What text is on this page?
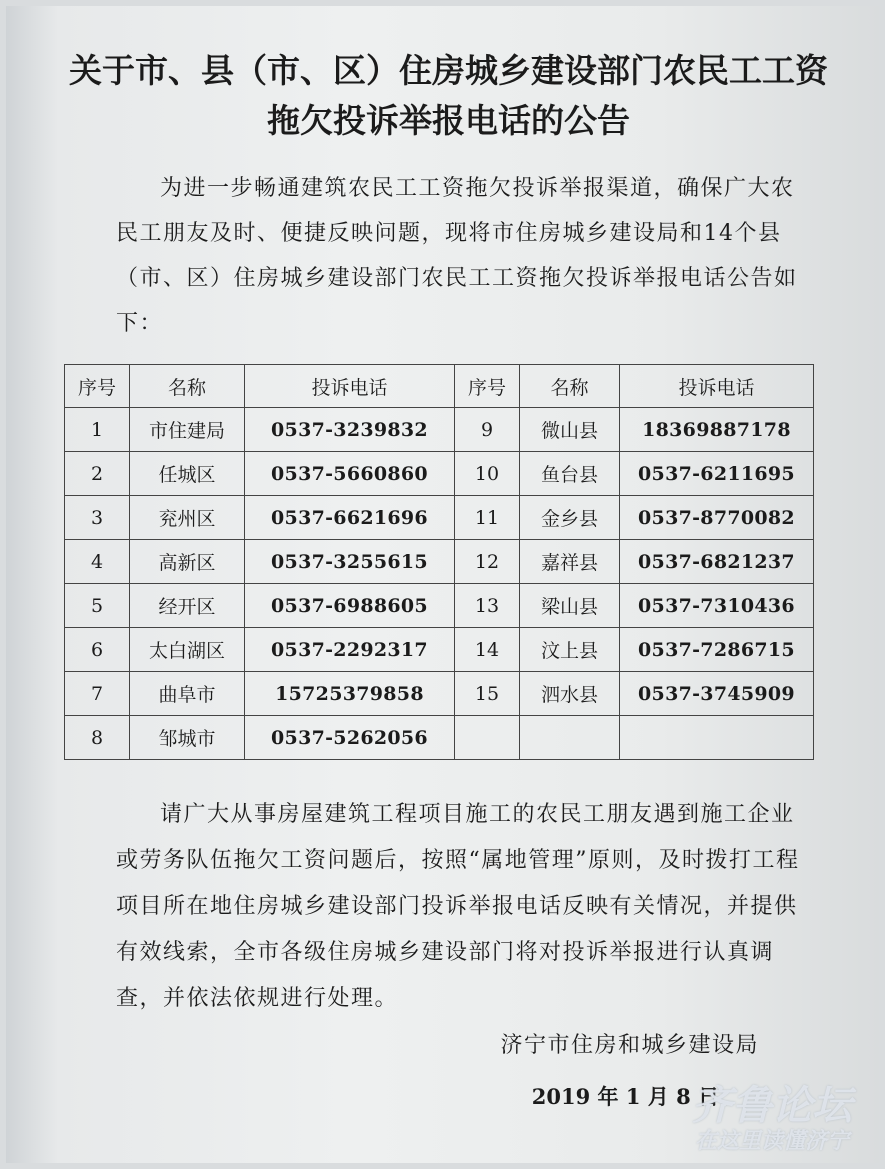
关于市、县（市、区）住房城乡建设部门农民工工资拖欠投诉举报电话的公告
为进一步畅通建筑农民工工资拖欠投诉举报渠道，确保广大农民工朋友及时、便捷反映问题，现将市住房城乡建设局和14个县（市、区）住房城乡建设部门农民工工资拖欠投诉举报电话公告如下：
序号	名称	投诉电话	序号	名称	投诉电话
1	市住建局	0537-3239832	9	微山县	18369887178
2	任城区	0537-5660860	10	鱼台县	0537-6211695
3	兖州区	0537-6621696	11	金乡县	0537-8770082
4	高新区	0537-3255615	12	嘉祥县	0537-6821237
5	经开区	0537-6988605	13	梁山县	0537-7310436
6	太白湖区	0537-2292317	14	汶上县	0537-7286715
7	曲阜市	15725379858	15	泗水县	0537-3745909
8	邹城市	0537-5262056			
请广大从事房屋建筑工程项目施工的农民工朋友遇到施工企业或劳务队伍拖欠工资问题后，按照“属地管理”原则，及时拨打工程项目所在地住房城乡建设部门投诉举报电话反映有关情况，并提供有效线索，全市各级住房城乡建设部门将对投诉举报进行认真调查，并依法依规进行处理。
济宁市住房和城乡建设局
2019 年 1 月 8 日
齐鲁论坛
在这里读懂济宁
